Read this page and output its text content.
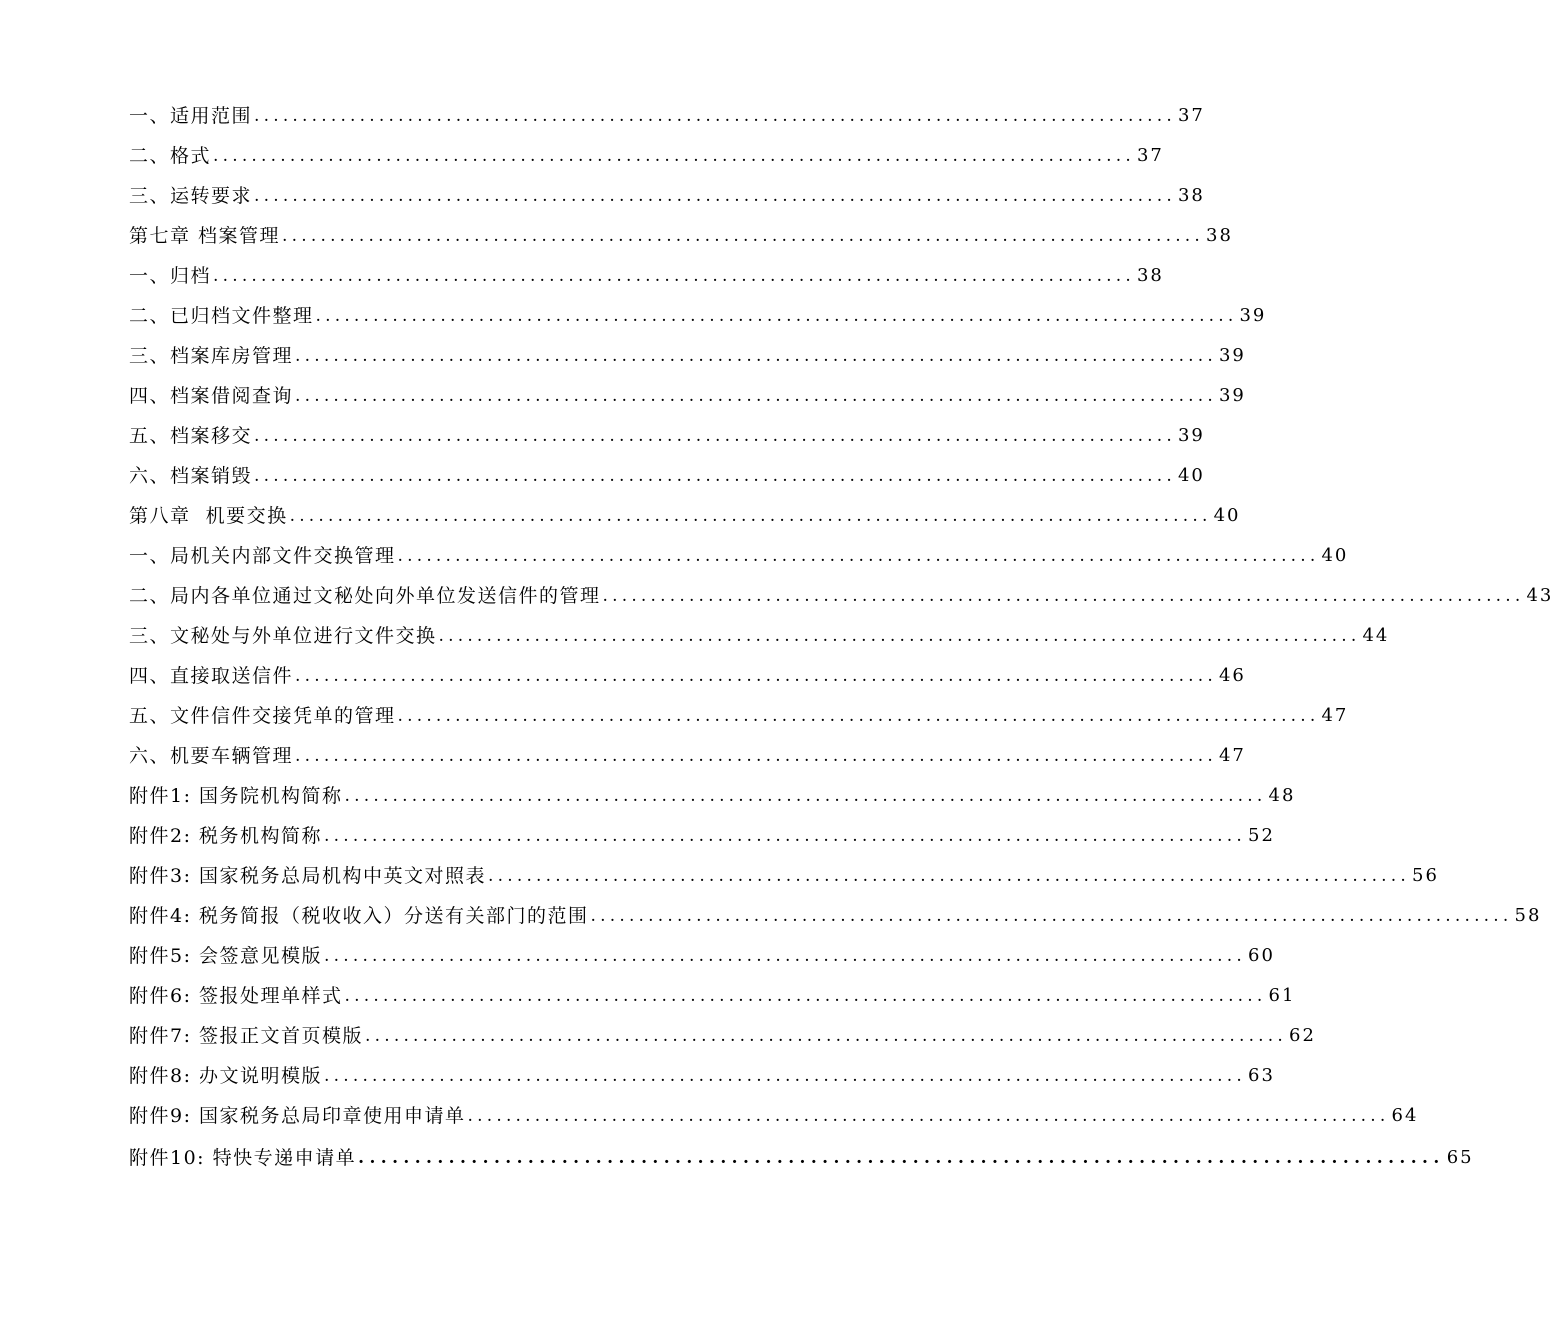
一、适用范围 ................................................................................................ 37
二、格式 ................................................................................................ 37
三、运转要求 ................................................................................................ 38
第七章 档案管理 ................................................................................................ 38
一、归档 ................................................................................................ 38
二、已归档文件整理 ................................................................................................ 39
三、档案库房管理 ................................................................................................ 39
四、档案借阅查询 ................................................................................................ 39
五、档案移交 ................................................................................................ 39
六、档案销毁 ................................................................................................ 40
第八章  机要交换 ................................................................................................ 40
一、局机关内部文件交换管理 ................................................................................................ 40
二、局内各单位通过文秘处向外单位发送信件的管理 ................................................................................................ 43
三、文秘处与外单位进行文件交换 ................................................................................................ 44
四、直接取送信件 ................................................................................................ 46
五、文件信件交接凭单的管理 ................................................................................................ 47
六、机要车辆管理 ................................................................................................ 47
附件1: 国务院机构简称 ................................................................................................ 48
附件2: 税务机构简称 ................................................................................................ 52
附件3: 国家税务总局机构中英文对照表 ................................................................................................ 56
附件4: 税务简报（税收收入）分送有关部门的范围 ................................................................................................ 58
附件5: 会签意见模版 ................................................................................................ 60
附件6: 签报处理单样式 ................................................................................................ 61
附件7: 签报正文首页模版 ................................................................................................ 62
附件8: 办文说明模版 ................................................................................................ 63
附件9: 国家税务总局印章使用申请单 ................................................................................................ 64
附件10: 特快专递申请单 ................................................................................................ 65
